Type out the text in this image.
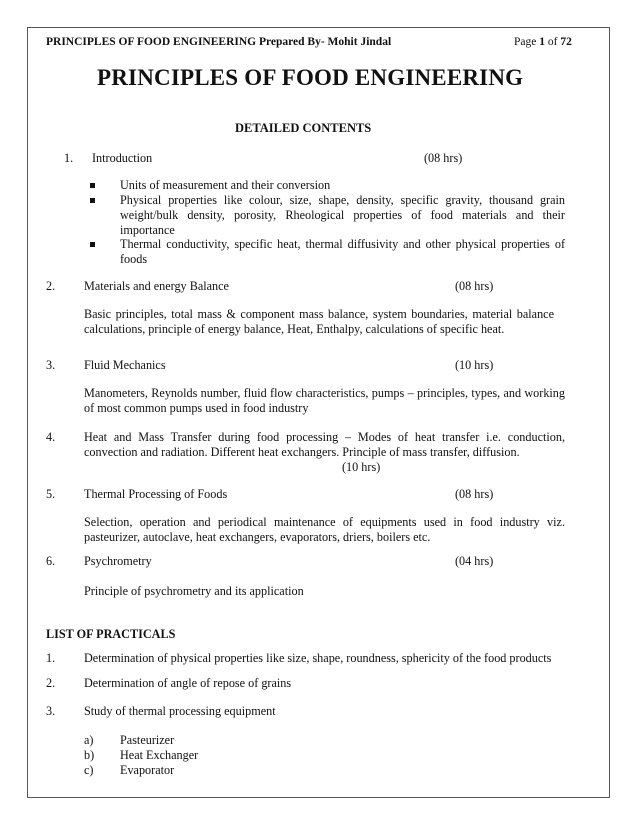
PRINCIPLES OF FOOD ENGINEERING Prepared By- Mohit Jindal	Page 1 of 72
PRINCIPLES OF FOOD ENGINEERING
DETAILED CONTENTS
1. Introduction	(08 hrs)
Units of measurement and their conversion
Physical properties like colour, size, shape, density, specific gravity, thousand grain weight/bulk density, porosity, Rheological properties of food materials and their importance
Thermal conductivity, specific heat, thermal diffusivity and other physical properties of foods
2. Materials and energy Balance	(08 hrs)
Basic principles, total mass & component mass balance, system boundaries, material balance calculations, principle of energy balance, Heat, Enthalpy, calculations of specific heat.
3. Fluid Mechanics	(10 hrs)
Manometers, Reynolds number, fluid flow characteristics, pumps – principles, types, and working of most common pumps used in food industry
4. Heat and Mass Transfer during food processing – Modes of heat transfer i.e. conduction, convection and radiation. Different heat exchangers. Principle of mass transfer, diffusion.
(10 hrs)
5. Thermal Processing of Foods	(08 hrs)
Selection, operation and periodical maintenance of equipments used in food industry viz. pasteurizer, autoclave, heat exchangers, evaporators, driers, boilers etc.
6. Psychrometry	(04 hrs)
Principle of psychrometry and its application
LIST OF PRACTICALS
1. Determination of physical properties like size, shape, roundness, sphericity of the food products
2. Determination of angle of repose of grains
3. Study of thermal processing equipment
a) Pasteurizer
b) Heat Exchanger
c) Evaporator
